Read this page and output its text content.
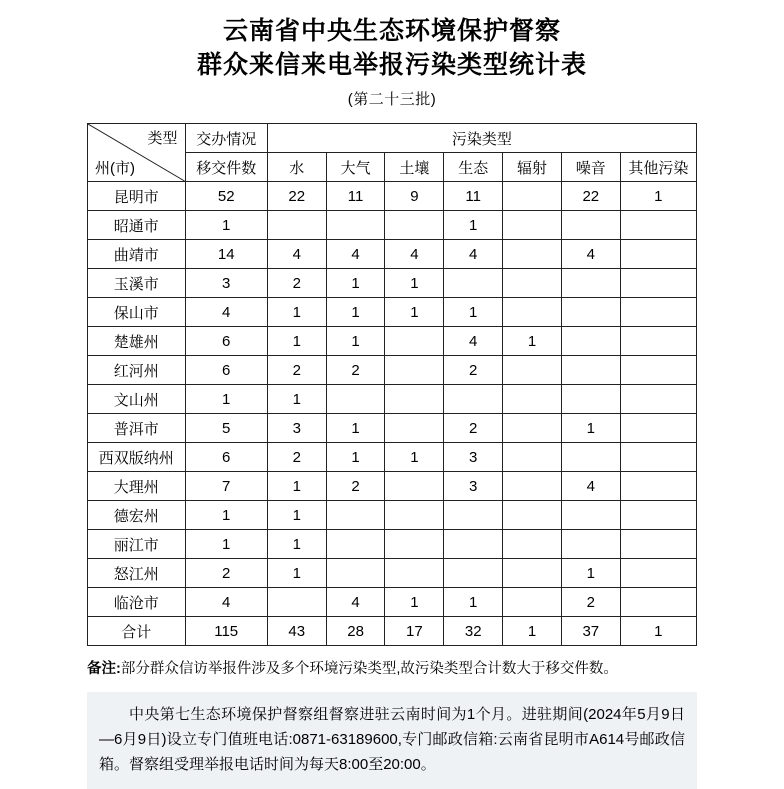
云南省中央生态环境保护督察
群众来信来电举报污染类型统计表
(第二十三批)
类型
州(市)	交办情况	污染类型						
	移交件数	水	大气	土壤	生态	辐射	噪音	其他污染
昆明市	52	22	11	9	11		22	1
昭通市	1				1			
曲靖市	14	4	4	4	4		4	
玉溪市	3	2	1	1				
保山市	4	1	1	1	1			
楚雄州	6	1	1		4	1		
红河州	6	2	2		2			
文山州	1	1						
普洱市	5	3	1		2		1	
西双版纳州	6	2	1	1	3			
大理州	7	1	2		3		4	
德宏州	1	1						
丽江市	1	1						
怒江州	2	1					1	
临沧市	4		4	1	1		2	
合计	115	43	28	17	32	1	37	1
备注:部分群众信访举报件涉及多个环境污染类型,故污染类型合计数大于移交件数。

中央第七生态环境保护督察组督察进驻云南时间为1个月。进驻期间(2024年5月9日—6月9日)设立专门值班电话:0871-63189600,专门邮政信箱:云南省昆明市A614号邮政信箱。督察组受理举报电话时间为每天8:00至20:00。
